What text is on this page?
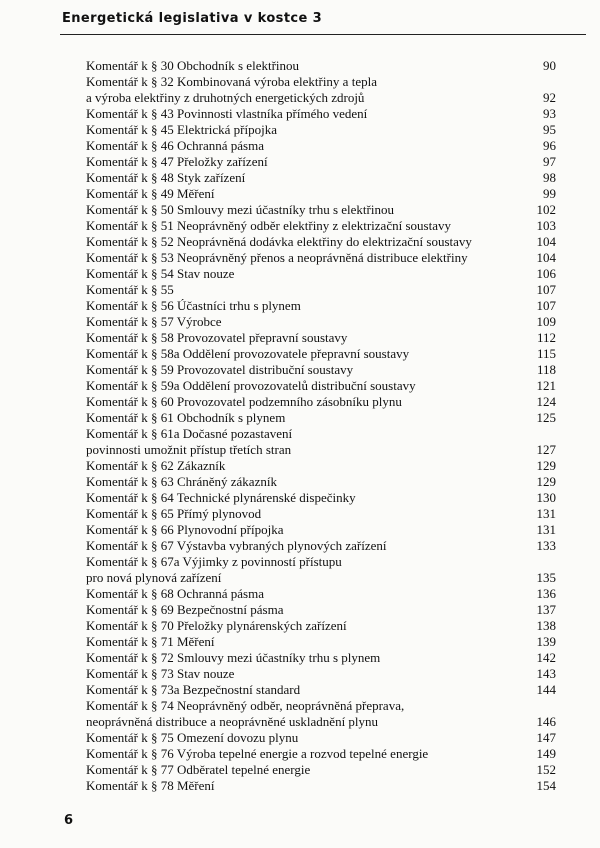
Energetická legislativa v kostce 3
Komentář k § 30 Obchodník s elektřinou	90
Komentář k § 32 Kombinovaná výroba elektřiny a tepla
a výroba elektřiny z druhotných energetických zdrojů	92
Komentář k § 43 Povinnosti vlastníka přímého vedení	93
Komentář k § 45 Elektrická přípojka	95
Komentář k § 46 Ochranná pásma	96
Komentář k § 47 Přeložky zařízení	97
Komentář k § 48 Styk zařízení	98
Komentář k § 49 Měření	99
Komentář k § 50 Smlouvy mezi účastníky trhu s elektřinou	102
Komentář k § 51 Neoprávněný odběr elektřiny z elektrizační soustavy	103
Komentář k § 52 Neoprávněná dodávka elektřiny do elektrizační soustavy	104
Komentář k § 53 Neoprávněný přenos a neoprávněná distribuce elektřiny	104
Komentář k § 54 Stav nouze	106
Komentář k § 55	107
Komentář k § 56 Účastníci trhu s plynem	107
Komentář k § 57 Výrobce	109
Komentář k § 58 Provozovatel přepravní soustavy	112
Komentář k § 58a Oddělení provozovatele přepravní soustavy	115
Komentář k § 59 Provozovatel distribuční soustavy	118
Komentář k § 59a Oddělení provozovatelů distribuční soustavy	121
Komentář k § 60 Provozovatel podzemního zásobníku plynu	124
Komentář k § 61 Obchodník s plynem	125
Komentář k § 61a Dočasné pozastavení
povinnosti umožnit přístup třetích stran	127
Komentář k § 62 Zákazník	129
Komentář k § 63 Chráněný zákazník	129
Komentář k § 64 Technické plynárenské dispečinky	130
Komentář k § 65 Přímý plynovod	131
Komentář k § 66 Plynovodní přípojka	131
Komentář k § 67 Výstavba vybraných plynových zařízení	133
Komentář k § 67a Výjimky z povinností přístupu
pro nová plynová zařízení	135
Komentář k § 68 Ochranná pásma	136
Komentář k § 69 Bezpečnostní pásma	137
Komentář k § 70 Přeložky plynárenských zařízení	138
Komentář k § 71 Měření	139
Komentář k § 72 Smlouvy mezi účastníky trhu s plynem	142
Komentář k § 73 Stav nouze	143
Komentář k § 73a Bezpečnostní standard	144
Komentář k § 74 Neoprávněný odběr, neoprávněná přeprava,
neoprávněná distribuce a neoprávněné uskladnění plynu	146
Komentář k § 75 Omezení dovozu plynu	147
Komentář k § 76 Výroba tepelné energie a rozvod tepelné energie	149
Komentář k § 77 Odběratel tepelné energie	152
Komentář k § 78 Měření	154
6
